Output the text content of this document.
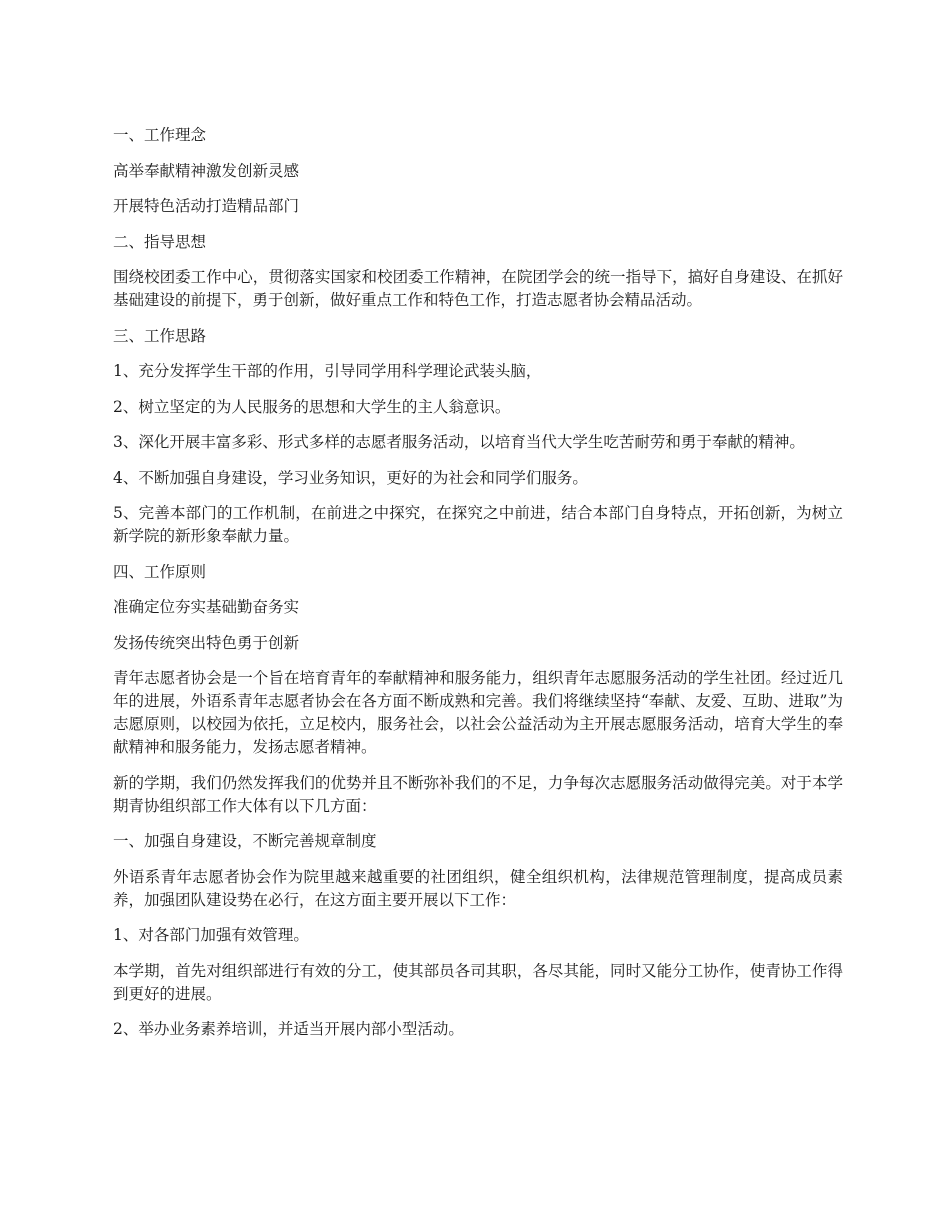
一、工作理念

高举奉献精神激发创新灵感

开展特色活动打造精品部门

二、指导思想

围绕校团委工作中心，贯彻落实国家和校团委工作精神，在院团学会的统一指导下，搞好自身建设、在抓好基础建设的前提下，勇于创新，做好重点工作和特色工作，打造志愿者协会精品活动。

三、工作思路

1、充分发挥学生干部的作用，引导同学用科学理论武装头脑，

2、树立坚定的为人民服务的思想和大学生的主人翁意识。

3、深化开展丰富多彩、形式多样的志愿者服务活动，以培育当代大学生吃苦耐劳和勇于奉献的精神。

4、不断加强自身建设，学习业务知识，更好的为社会和同学们服务。

5、完善本部门的工作机制，在前进之中探究，在探究之中前进，结合本部门自身特点，开拓创新，为树立新学院的新形象奉献力量。

四、工作原则

准确定位夯实基础勤奋务实

发扬传统突出特色勇于创新

青年志愿者协会是一个旨在培育青年的奉献精神和服务能力，组织青年志愿服务活动的学生社团。经过近几年的进展，外语系青年志愿者协会在各方面不断成熟和完善。我们将继续坚持“奉献、友爱、互助、进取”为志愿原则，以校园为依托，立足校内，服务社会，以社会公益活动为主开展志愿服务活动，培育大学生的奉献精神和服务能力，发扬志愿者精神。

新的学期，我们仍然发挥我们的优势并且不断弥补我们的不足，力争每次志愿服务活动做得完美。对于本学期青协组织部工作大体有以下几方面：

一、加强自身建设，不断完善规章制度

外语系青年志愿者协会作为院里越来越重要的社团组织，健全组织机构，法律规范管理制度，提高成员素养，加强团队建设势在必行，在这方面主要开展以下工作：

1、对各部门加强有效管理。

本学期，首先对组织部进行有效的分工，使其部员各司其职，各尽其能，同时又能分工协作，使青协工作得到更好的进展。

2、举办业务素养培训，并适当开展内部小型活动。
